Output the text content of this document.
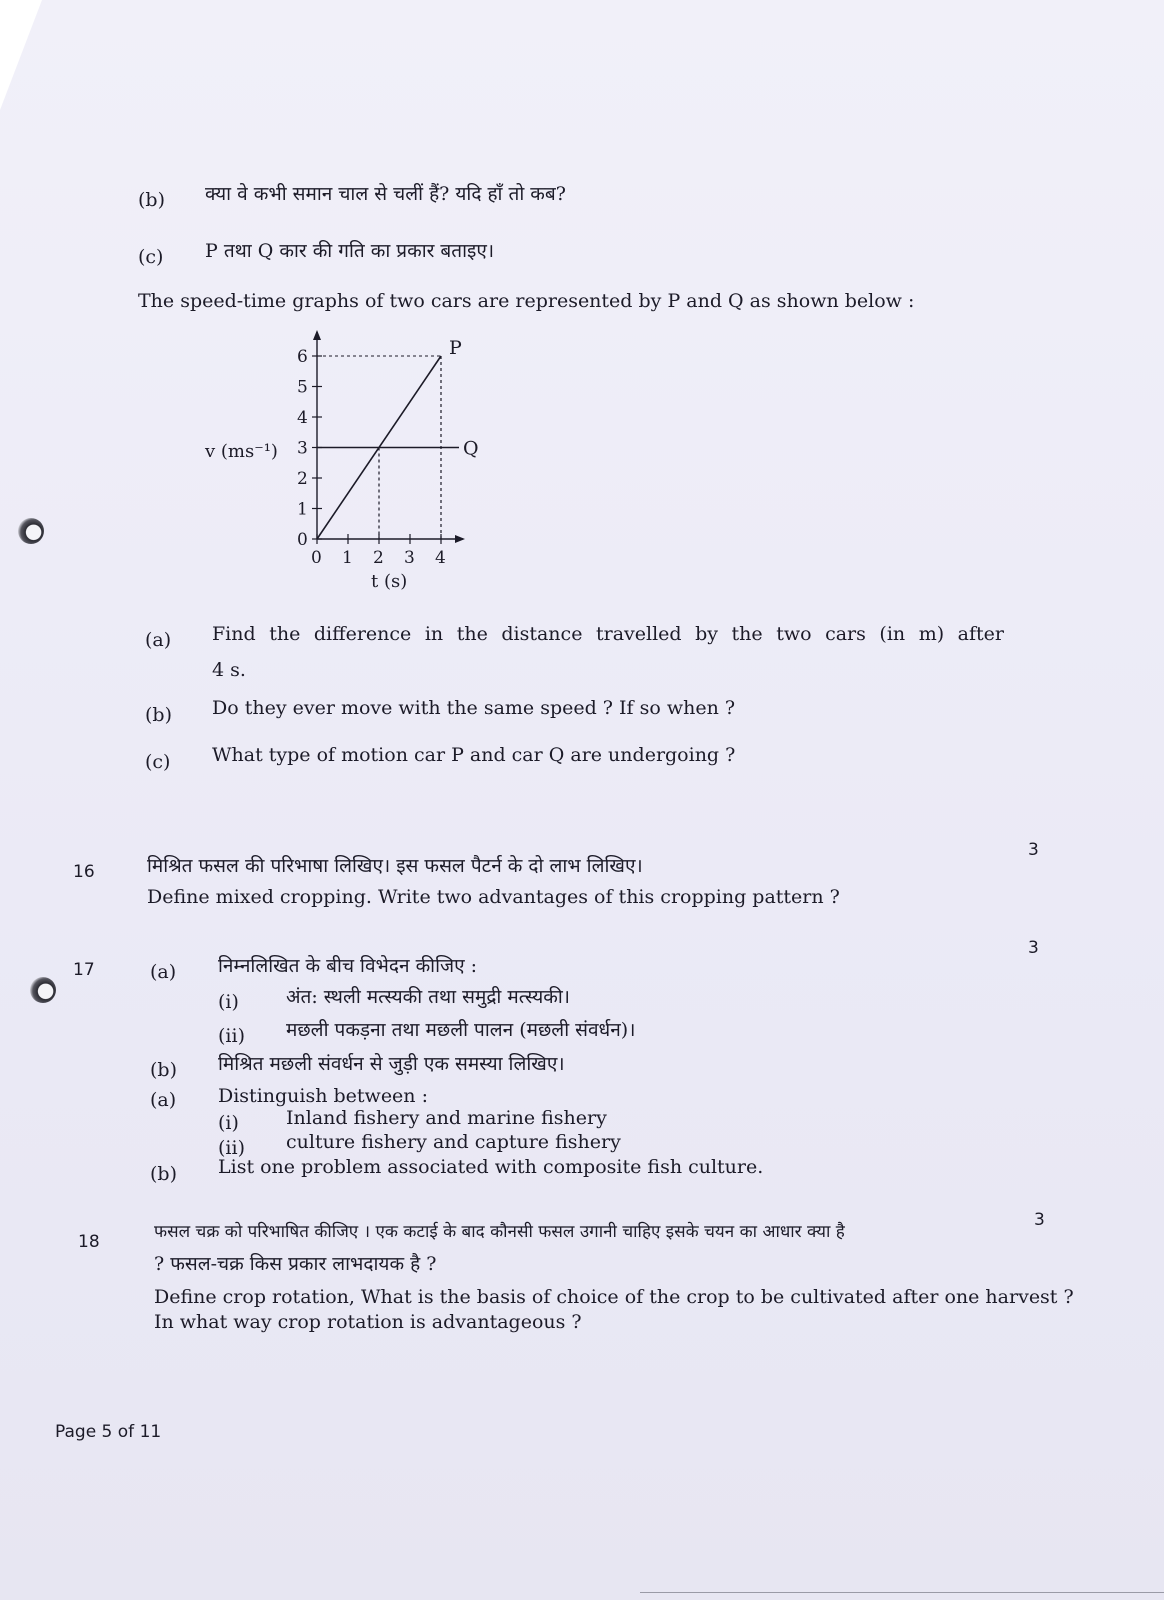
(b) क्या वे कभी समान चाल से चलीं हैं? यदि हाँ तो कब?
(c) P तथा Q कार की गति का प्रकार बताइए।
The speed-time graphs of two cars are represented by P and Q as shown below :
0
1
2
3
4
5
6
0 1 2 3 4
v (ms⁻¹)
t (s)
P
Q
(a) Find the difference in the distance travelled by the two cars (in m) after
4 s.
(b) Do they ever move with the same speed ? If so when ?
(c) What type of motion car P and car Q are undergoing ?
16
3
मिश्रित फसल की परिभाषा लिखिए। इस फसल पैटर्न के दो लाभ लिखिए।
Define mixed cropping. Write two advantages of this cropping pattern ?
17
3
(a) निम्नलिखित के बीच विभेदन कीजिए :
(i) अंत: स्थली मत्स्यकी तथा समुद्री मत्स्यकी।
(ii) मछली पकड़ना तथा मछली पालन (मछली संवर्धन)।
(b) मिश्रित मछली संवर्धन से जुड़ी एक समस्या लिखिए।
(a) Distinguish between :
(i) Inland fishery and marine fishery
(ii) culture fishery and capture fishery
(b) List one problem associated with composite fish culture.
18
3
फसल चक्र को परिभाषित कीजिए । एक कटाई के बाद कौनसी फसल उगानी चाहिए इसके चयन का आधार क्या है
? फसल-चक्र किस प्रकार लाभदायक है ?
Define crop rotation, What is the basis of choice of the crop to be cultivated after one harvest ?
In what way crop rotation is advantageous ?
Page 5 of 11
